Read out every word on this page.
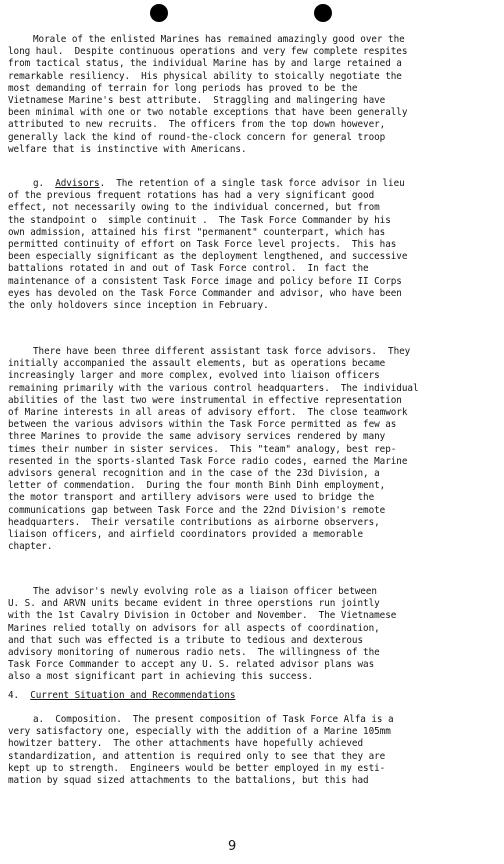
Morale of the enlisted Marines has remained amazingly good over the
long haul.  Despite continuous operations and very few complete respites
from tactical status, the individual Marine has by and large retained a
remarkable resiliency.  His physical ability to stoically negotiate the
most demanding of terrain for long periods has proved to be the
Vietnamese Marine's best attribute.  Straggling and malingering have
been minimal with one or two notable exceptions that have been generally
attributed to new recruits.  The officers from the top down however,
generally lack the kind of round-the-clock concern for general troop
welfare that is instinctive with Americans.
g.  Advisors.  The retention of a single task force advisor in lieu
of the previous frequent rotations has had a very significant good
effect, not necessarily owing to the individual concerned, but from
the standpoint o  simple continuit .  The Task Force Commander by his
own admission, attained his first "permanent" counterpart, which has
permitted continuity of effort on Task Force level projects.  This has
been especially significant as the deployment lengthened, and successive
battalions rotated in and out of Task Force control.  In fact the
maintenance of a consistent Task Force image and policy before II Corps
eyes has devoled on the Task Force Commander and advisor, who have been
the only holdovers since inception in February.
There have been three different assistant task force advisors.  They
initially accompanied the assault elements, but as operations became
increasingly larger and more complex, evolved into liaison officers
remaining primarily with the various control headquarters.  The individual
abilities of the last two were instrumental in effective representation
of Marine interests in all areas of advisory effort.  The close teamwork
between the various advisors within the Task Force permitted as few as
three Marines to provide the same advisory services rendered by many
times their number in sister services.  This "team" analogy, best rep-
resented in the sports-slanted Task Force radio codes, earned the Marine
advisors general recognition and in the case of the 23d Division, a
letter of commendation.  During the four month Binh Dinh employment,
the motor transport and artillery advisors were used to bridge the
communications gap between Task Force and the 22nd Division's remote
headquarters.  Their versatile contributions as airborne observers,
liaison officers, and airfield coordinators provided a memorable
chapter.
The advisor's newly evolving role as a liaison officer between
U. S. and ARVN units became evident in three operstions run jointly
with the 1st Cavalry Division in October and November.  The Vietnamese
Marines relied totally on advisors for all aspects of coordination,
and that such was effected is a tribute to tedious and dexterous
advisory monitoring of numerous radio nets.  The willingness of the
Task Force Commander to accept any U. S. related advisor plans was
also a most significant part in achieving this success.
4.  Current Situation and Recommendations
a.  Composition.  The present composition of Task Force Alfa is a
very satisfactory one, especially with the addition of a Marine 105mm
howitzer battery.  The other attachments have hopefully achieved
standardization, and attention is required only to see that they are
kept up to strength.  Engineers would be better employed in my esti-
mation by squad sized attachments to the battalions, but this had
9
